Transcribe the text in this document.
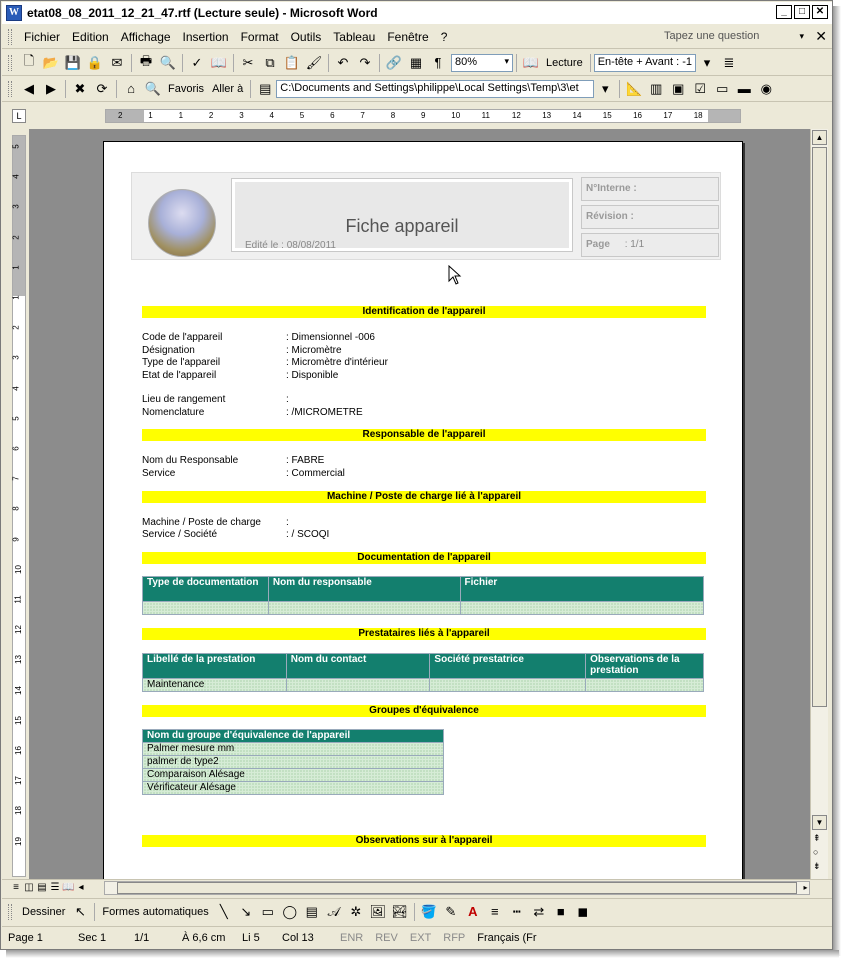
W etat08_08_2011_12_21_47.rtf (Lecture seule) - Microsoft Word	_	□	✕
Fichier	Edition	Affichage	Insertion	Format	Outils	Tableau	Fenêtre	?	Tapez une question	▾ ✕
🗋 📂 💾 🔒 ✉	🖶 🔍	✓ 📖	✂ ⧉ 📋 🖌	↶ ↷	🔗 ▦ ¶	80% ▾	📖 Lecture	En-tête + Avant : -1 ▾	≣
◀ ▶	✖ ⟳	⌂ 🔍 Favoris Aller à	▤ C:\Documents and Settings\philippe\Local Settings\Temp\3\et	▾	📐 ▥ ▣ ☑ ▭ ▬ ◉
L	2	1	1	2	3	4	5	6	7	8	9	10	11	12	13	14	15	16	17	18
5
4
3
2
1
1
2
3
4
5
6
7
8
9
10
11
12
13
14
15
16
17
18
19
Fiche appareil
Edité le : 08/08/2011
N°Interne :
Révision :
Page : 1/1
Identification de l'appareil
Code de l'appareil	: Dimensionnel -006
Désignation	: Micromètre
Type de l'appareil	: Micromètre d'intérieur
Etat de l'appareil	: Disponible
Lieu de rangement	:
Nomenclature	: /MICROMETRE
Responsable de l'appareil
Nom du Responsable	: FABRE
Service	: Commercial
Machine / Poste de charge lié à l'appareil
Machine / Poste de charge	:
Service / Société	: / SCOQI
Documentation de l'appareil
Type de documentation	Nom du responsable	Fichier

Prestataires liés à l'appareil
Libellé de la prestation	Nom du contact	Société prestatrice	Observations de la prestation
Maintenance			
Groupes d'équivalence
Nom du groupe d'équivalence de l'appareil
Palmer mesure mm
palmer de type2
Comparaison Alésage
Vérificateur Alésage
Observations sur à l'appareil
▲
▼
⇞
○
⇟
≡ ◫ ▤ ☰ 📖 ◂	▸
Dessiner ↖	Formes automatiques ╲ ↘ ▭ ◯ ▤ 𝒜 ✲ 🖼 🏞 🪣 ✎ A	≡	┅ ⇄ ■ ◼
Page 1	Sec 1	1/1	À 6,6 cm	Li 5	Col 13	ENR	REV	EXT	RFP	Français (Fr
